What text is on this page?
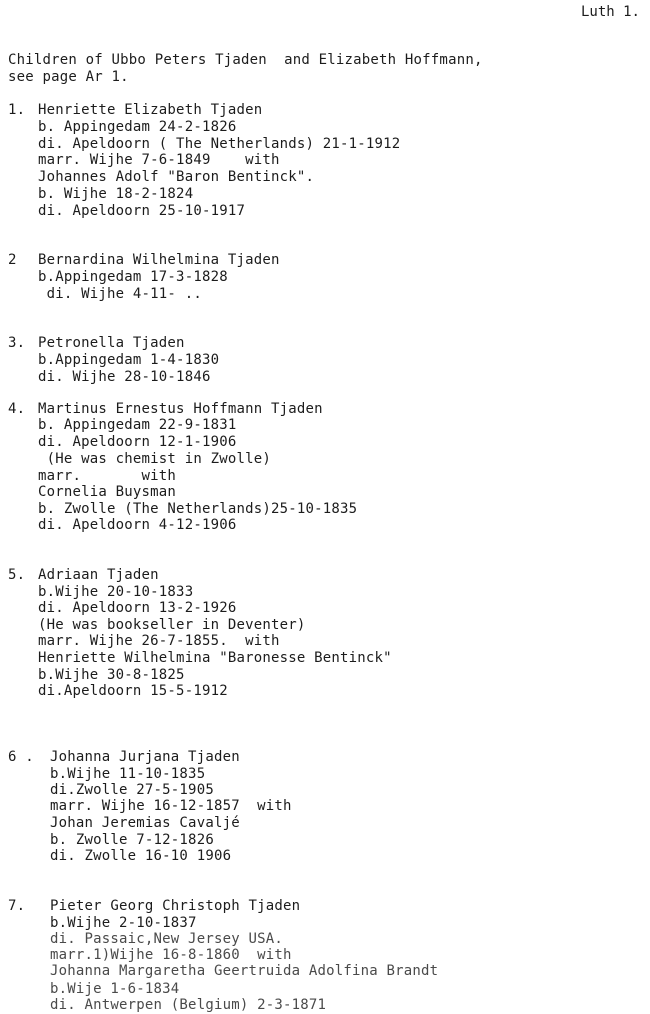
Luth 1.
Children of Ubbo Peters Tjaden  and Elizabeth Hoffmann,
see page Ar 1.
1. Henriette Elizabeth Tjaden
b. Appingedam 24-2-1826
di. Apeldoorn ( The Netherlands) 21-1-1912
marr. Wijhe 7-6-1849    with
Johannes Adolf "Baron Bentinck".
b. Wijhe 18-2-1824
di. Apeldoorn 25-10-1917
2 Bernardina Wilhelmina Tjaden
b.Appingedam 17-3-1828
di. Wijhe 4-11- ..
3. Petronella Tjaden
b.Appingedam 1-4-1830
di. Wijhe 28-10-1846
4. Martinus Ernestus Hoffmann Tjaden
b. Appingedam 22-9-1831
di. Apeldoorn 12-1-1906
(He was chemist in Zwolle)
marr.       with
Cornelia Buysman
b. Zwolle (The Netherlands)25-10-1835
di. Apeldoorn 4-12-1906
5. Adriaan Tjaden
b.Wijhe 20-10-1833
di. Apeldoorn 13-2-1926
(He was bookseller in Deventer)
marr. Wijhe 26-7-1855.  with
Henriette Wilhelmina "Baronesse Bentinck"
b.Wijhe 30-8-1825
di.Apeldoorn 15-5-1912
6 . Johanna Jurjana Tjaden
b.Wijhe 11-10-1835
di.Zwolle 27-5-1905
marr. Wijhe 16-12-1857  with
Johan Jeremias Cavaljé
b. Zwolle 7-12-1826
di. Zwolle 16-10 1906
7. Pieter Georg Christoph Tjaden
b.Wijhe 2-10-1837
di. Passaic,New Jersey USA.
marr.1)Wijhe 16-8-1860  with
Johanna Margaretha Geertruida Adolfina Brandt
b.Wije 1-6-1834
di. Antwerpen (Belgium) 2-3-1871
